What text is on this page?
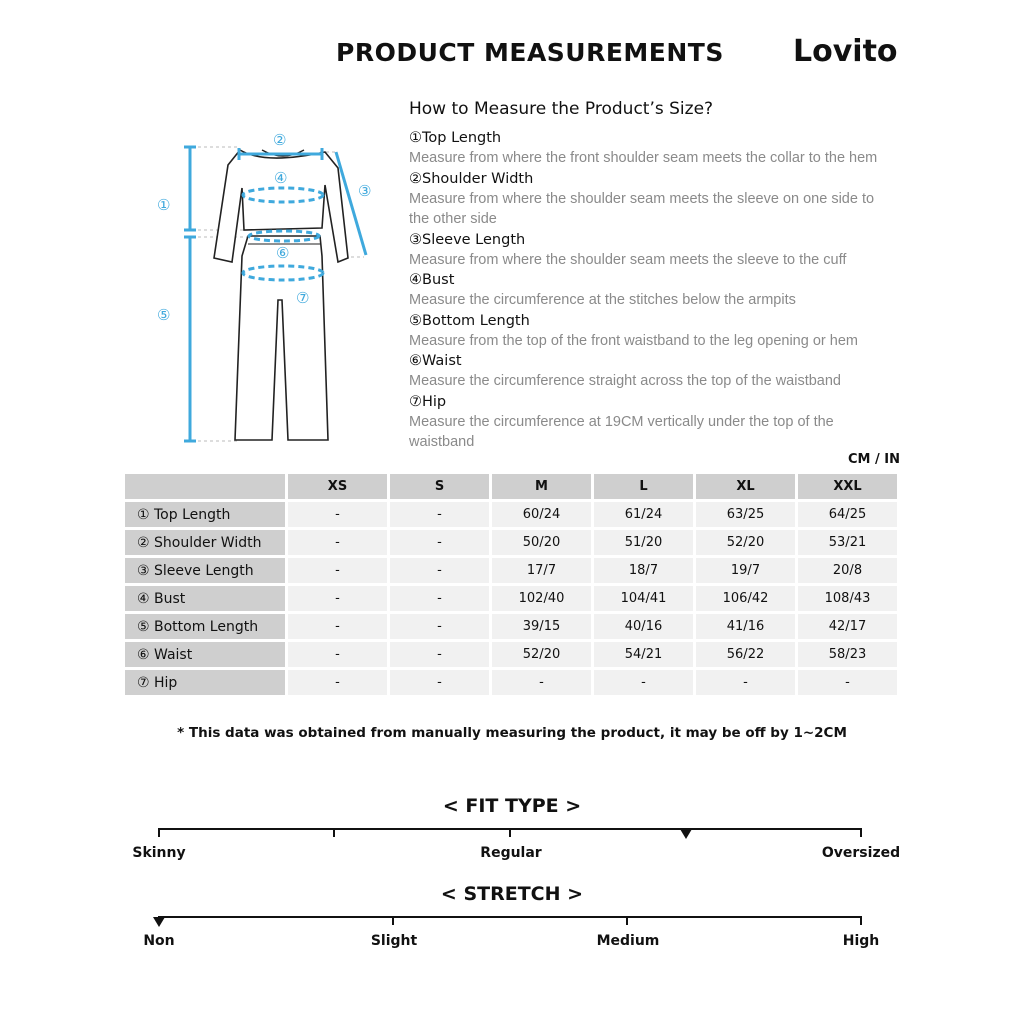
PRODUCT MEASUREMENTS Lovito
①
②
③
④
⑤
⑥
⑦
How to Measure the Product’s Size?
①Top Length
Measure from where the front shoulder seam meets the collar to the hem
②Shoulder Width
Measure from where the shoulder seam meets the sleeve on one side to the other side
③Sleeve Length
Measure from where the shoulder seam meets the sleeve to the cuff
④Bust
Measure the circumference at the stitches below the armpits
⑤Bottom Length
Measure from the top of the front waistband to the leg opening or hem
⑥Waist
Measure the circumference straight across the top of the waistband
⑦Hip
Measure the circumference at 19CM vertically under the top of the waistband
CM / IN
	XS	S	M	L	XL	XXL
① Top Length	-	-	60/24	61/24	63/25	64/25
② Shoulder Width	-	-	50/20	51/20	52/20	53/21
③ Sleeve Length	-	-	17/7	18/7	19/7	20/8
④ Bust	-	-	102/40	104/41	106/42	108/43
⑤ Bottom Length	-	-	39/15	40/16	41/16	42/17
⑥ Waist	-	-	52/20	54/21	56/22	58/23
⑦ Hip	-	-	-	-	-	-
* This data was obtained from manually measuring the product, it may be off by 1~2CM
< FIT TYPE >
Skinny	Regular	Oversized
< STRETCH >
Non	Slight	Medium	High
